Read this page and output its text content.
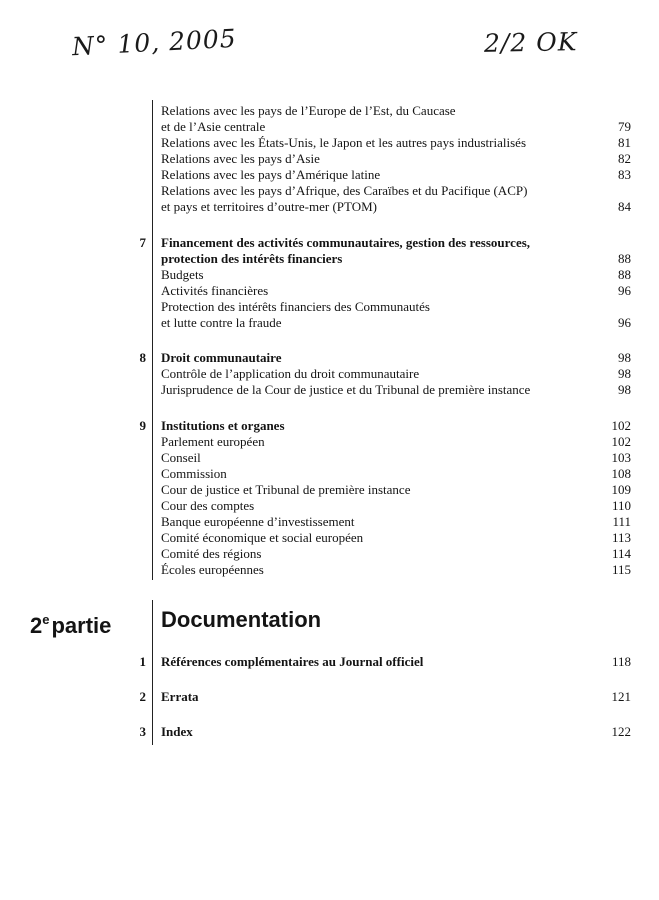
N° 10, 2005	2/2 OK
Relations avec les pays de l’Europe de l’Est, du Caucase
et de l’Asie centrale	79
Relations avec les États-Unis, le Japon et les autres pays industrialisés	81
Relations avec les pays d’Asie	82
Relations avec les pays d’Amérique latine	83
Relations avec les pays d’Afrique, des Caraïbes et du Pacifique (ACP)
et pays et territoires d’outre-mer (PTOM)	84
7 Financement des activités communautaires, gestion des ressources,
protection des intérêts financiers	88
Budgets	88
Activités financières	96
Protection des intérêts financiers des Communautés
et lutte contre la fraude	96
8 Droit communautaire	98
Contrôle de l’application du droit communautaire	98
Jurisprudence de la Cour de justice et du Tribunal de première instance	98
9 Institutions et organes	102
Parlement européen	102
Conseil	103
Commission	108
Cour de justice et Tribunal de première instance	109
Cour des comptes	110
Banque européenne d’investissement	111
Comité économique et social européen	113
Comité des régions	114
Écoles européennes	115
2epartie Documentation
1 Références complémentaires au Journal officiel	118
2 Errata	121
3 Index	122
